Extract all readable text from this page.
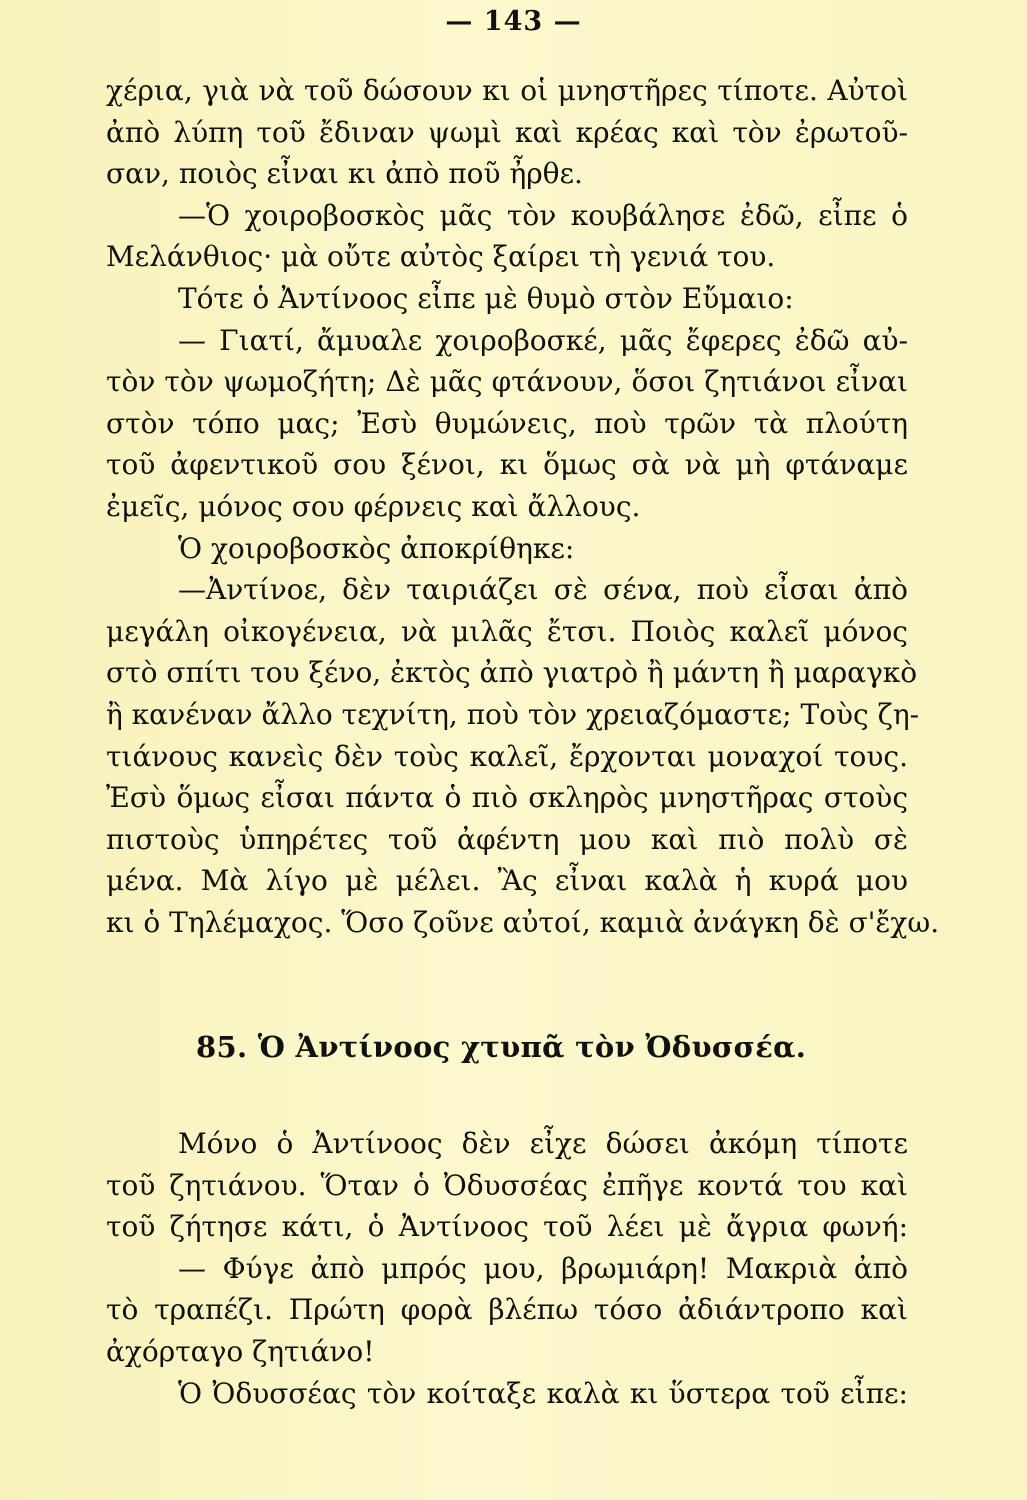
— 143 —
χέρια, γιὰ νὰ τοῦ δώσουν κι οἱ μνηστῆρες τίποτε. Αὐτοὶ
ἀπὸ λύπη τοῦ ἔδιναν ψωμὶ καὶ κρέας καὶ τὸν ἐρωτοῦ-
σαν, ποιὸς εἶναι κι ἀπὸ ποῦ ἦρθε.
—Ὁ χοιροβοσκὸς μᾶς τὸν κουβάλησε ἐδῶ, εἶπε ὁ
Μελάνθιος· μὰ οὔτε αὐτὸς ξαίρει τὴ γενιά του.
Τότε ὁ Ἀντίνοος εἶπε μὲ θυμὸ στὸν Εὔμαιο:
— Γιατί, ἄμυαλε χοιροβοσκέ, μᾶς ἔφερες ἐδῶ αὐ-
τὸν τὸν ψωμοζήτη; Δὲ μᾶς φτάνουν, ὅσοι ζητιάνοι εἶναι
στὸν τόπο μας; Ἐσὺ θυμώνεις, ποὺ τρῶν τὰ πλούτη
τοῦ ἀφεντικοῦ σου ξένοι, κι ὅμως σὰ νὰ μὴ φτάναμε
ἐμεῖς, μόνος σου φέρνεις καὶ ἄλλους.
Ὁ χοιροβοσκὸς ἀποκρίθηκε:
—Ἀντίνοε, δὲν ταιριάζει σὲ σένα, ποὺ εἶσαι ἀπὸ
μεγάλη οἰκογένεια, νὰ μιλᾶς ἔτσι. Ποιὸς καλεῖ μόνος
στὸ σπίτι του ξένο, ἐκτὸς ἀπὸ γιατρὸ ἢ μάντη ἢ μαραγκὸ
ἢ κανέναν ἄλλο τεχνίτη, ποὺ τὸν χρειαζόμαστε; Τοὺς ζη-
τιάνους κανεὶς δὲν τοὺς καλεῖ, ἔρχονται μοναχοί τους.
Ἐσὺ ὅμως εἶσαι πάντα ὁ πιὸ σκληρὸς μνηστῆρας στοὺς
πιστοὺς ὑπηρέτες τοῦ ἀφέντη μου καὶ πιὸ πολὺ σὲ
μένα. Μὰ λίγο μὲ μέλει. Ἂς εἶναι καλὰ ἡ κυρά μου
κι ὁ Τηλέμαχος. Ὅσο ζοῦνε αὐτοί, καμιὰ ἀνάγκη δὲ σ'ἔχω.
85. Ὁ Ἀντίνοος χτυπᾶ τὸν Ὀδυσσέα.
Μόνο ὁ Ἀντίνοος δὲν εἶχε δώσει ἀκόμη τίποτε
τοῦ ζητιάνου. Ὅταν ὁ Ὀδυσσέας ἐπῆγε κοντά του καὶ
τοῦ ζήτησε κάτι, ὁ Ἀντίνοος τοῦ λέει μὲ ἄγρια φωνή:
— Φύγε ἀπὸ μπρός μου, βρωμιάρη! Μακριὰ ἀπὸ
τὸ τραπέζι. Πρώτη φορὰ βλέπω τόσο ἀδιάντροπο καὶ
ἀχόρταγο ζητιάνο!
Ὁ Ὀδυσσέας τὸν κοίταξε καλὰ κι ὕστερα τοῦ εἶπε:
